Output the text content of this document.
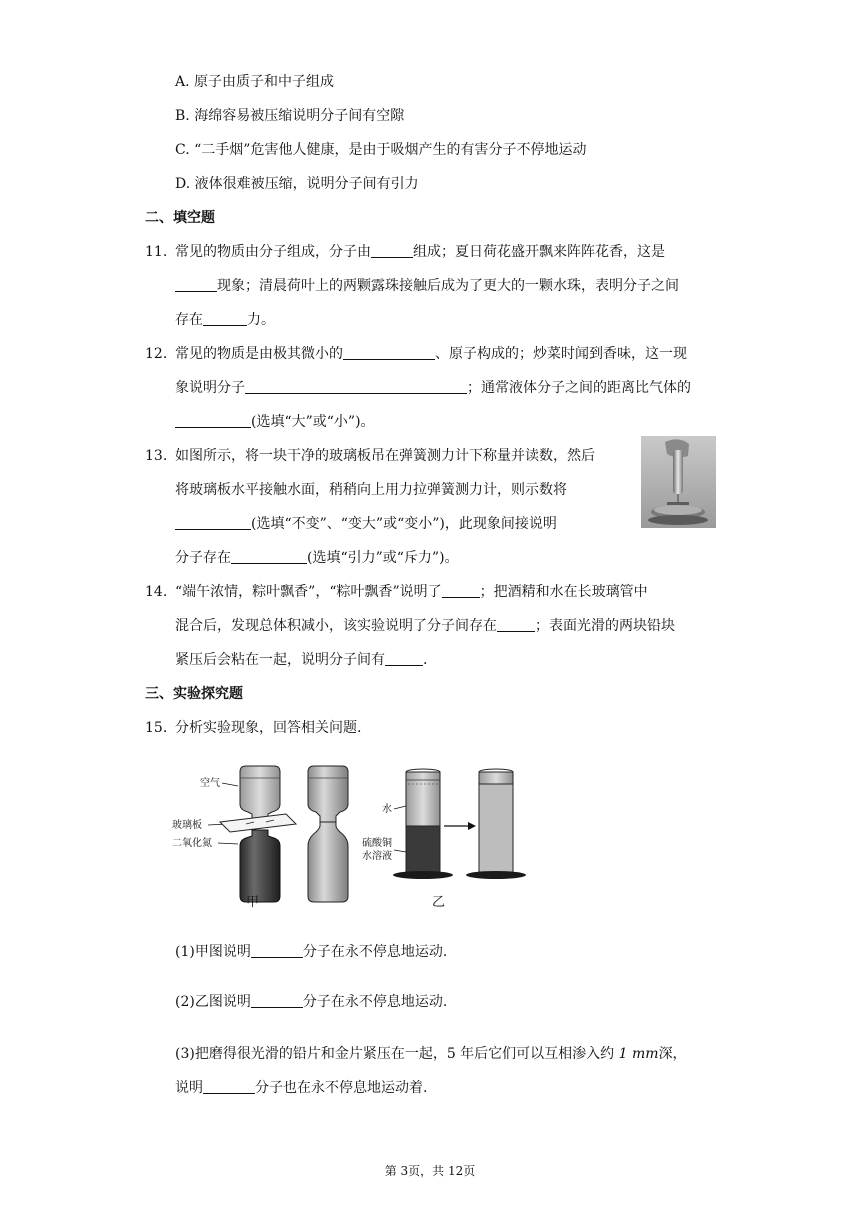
A. 原子由质子和中子组成
B. 海绵容易被压缩说明分子间有空隙
C. “二手烟”危害他人健康，是由于吸烟产生的有害分子不停地运动
D. 液体很难被压缩，说明分子间有引力
二、填空题
11. 常见的物质由分子组成，分子由	组成；夏日荷花盛开飘来阵阵花香，这是
现象；清晨荷叶上的两颗露珠接触后成为了更大的一颗水珠，表明分子之间
存在	力。
12. 常见的物质是由极其微小的	、原子构成的；炒菜时闻到香味，这一现
象说明分子	；通常液体分子之间的距离比气体的
(选填“大”或“小”)。
13. 如图所示，将一块干净的玻璃板吊在弹簧测力计下称量并读数，然后
将玻璃板水平接触水面，稍稍向上用力拉弹簧测力计，则示数将
(选填“不变”、“变大”或“变小”)，此现象间接说明
分子存在	(选填“引力”或“斥力”)。
14. “端午浓情，粽叶飘香”，“粽叶飘香”说明了	；把酒精和水在长玻璃管中
混合后，发现总体积减小，该实验说明了分子间存在	；表面光滑的两块铅块
紧压后会粘在一起，说明分子间有	.
三、实验探究题
15. 分析实验现象，回答相关问题.
空气
玻璃板
二氧化氮
水
硫酸铜
水溶液
甲	乙
(1)甲图说明	分子在永不停息地运动.
(2)乙图说明	分子在永不停息地运动.
(3)把磨得很光滑的铅片和金片紧压在一起，5 年后它们可以互相渗入约 1 mm深，
说明	分子也在永不停息地运动着.
第 3页，共 12页
